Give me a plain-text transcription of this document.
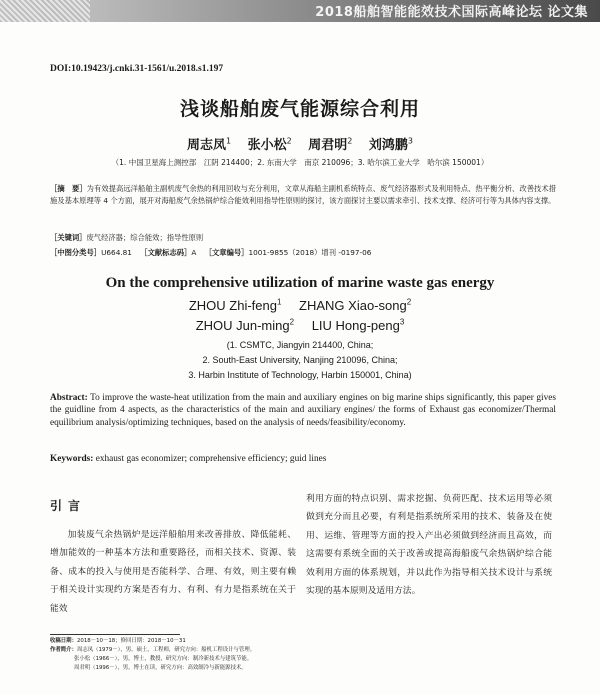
2018船舶智能能效技术国际高峰论坛 论文集
DOI:10.19423/j.cnki.31-1561/u.2018.s1.197
浅谈船舶废气能源综合利用
周志凤$^1$ 张小松$^2$ 周君明$^2$ 刘鸿鹏$^3$
（1. 中国卫星海上测控部　江阴 214400；2. 东南大学　南京 210096；3. 哈尔滨工业大学　哈尔滨 150001）
［摘　要］为有效提高远洋船舶主副机废气余热的利用回收与充分利用，文章从海船主副机系统特点、废气经济器形式及利用特点、热平衡分析、改善技术措施及基本原理等 4 个方面，展开对海船废气余热锅炉综合能效利用指导性原则的探讨，该方面探讨主要以需求牵引、技术支撑、经济可行等为具体内容支撑。
［关键词］废气经济器；综合能效；指导性原则
［中图分类号］U664.81 ［文献标志码］A ［文章编号］1001-9855（2018）增刊 -0197-06
On the comprehensive utilization of marine waste gas energy
ZHOU Zhi-feng$^1$ ZHANG Xiao-song$^2$
ZHOU Jun-ming$^2$ LIU Hong-peng$^3$
(1. CSMTC, Jiangyin 214400, China;
2. South-East University, Nanjing 210096, China;
3. Harbin Institute of Technology, Harbin 150001, China)
Abstract: To improve the waste-heat utilization from the main and auxiliary engines on big marine ships significantly, this paper gives the guidline from 4 aspects, as the characteristics of the main and auxiliary engines/ the forms of Exhaust gas economizer/Thermal equilibrium analysis/optimizing techniques, based on the analysis of needs/feasibility/economy.
Keywords: exhaust gas economizer; comprehensive efficiency; guid lines
引言
加装废气余热锅炉是远洋船舶用来改善排放、降低能耗、增加能效的一种基本方法和重要路径，而相关技术、资源、装备、成本的投入与使用是否能科学、合理、有效，则主要有赖于相关设计实现约方案是否有力、有利、有力是指系统在关于能效
利用方面的特点识别、需求挖掘、负荷匹配、技术运用等必须做到充分而且必要，有利是指系统所采用的技术、装备及在使用、运维、管理等方面的投入产出必须做到经济而且高效，而这需要有系统全面的关于改善或提高海船废气余热锅炉综合能效利用方面的体系规划，并以此作为指导相关技术设计与系统实现的基本原则及适用方法。
收稿日期：2018－10－18；修回日期：2018－10－31
作者简介：周志凤（1979－），男，硕士，工程师，研究方向：船机工程设计与管理。
张小松（1966－），男，博士，教授，研究方向：制冷新技术与建筑节能。
周君明（1996－），男，博士在读，研究方向：高效制冷与新能源技术。
